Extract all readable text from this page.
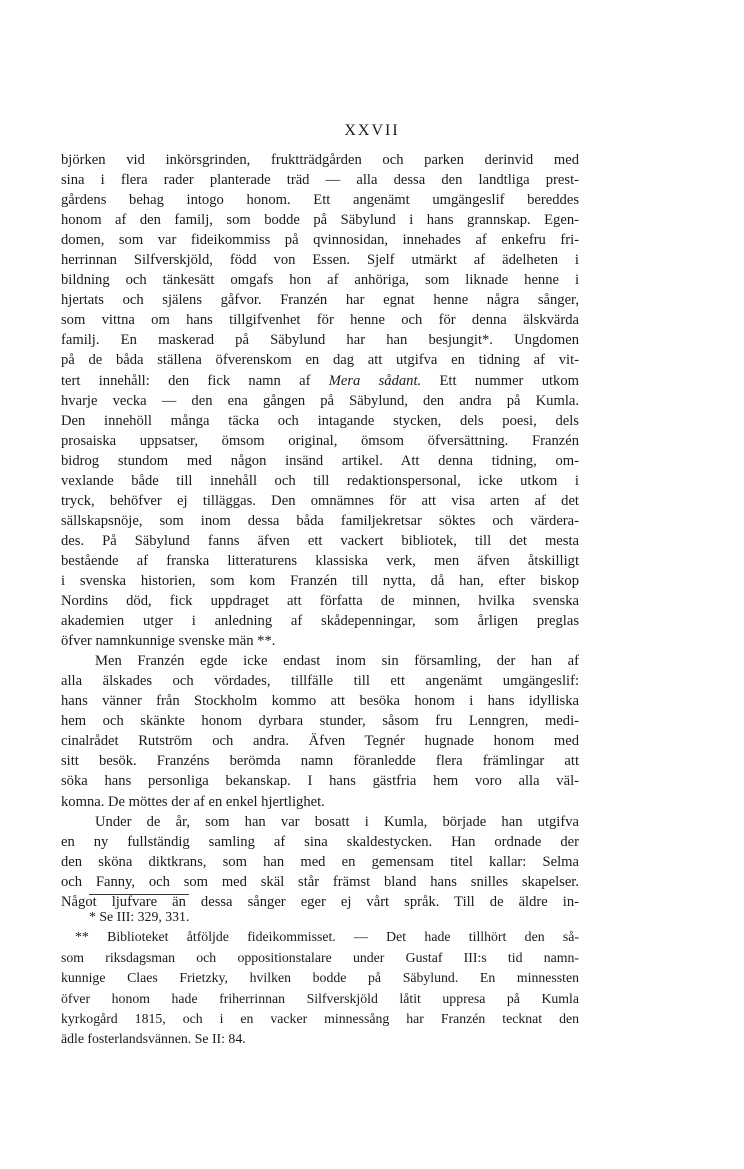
XXVII
björken vid inkörsgrinden, fruktträdgården och parken derinvid med
sina i flera rader planterade träd — alla dessa den landtliga prest-
gårdens behag intogo honom. Ett angenämt umgängeslif bereddes
honom af den familj, som bodde på Säbylund i hans grannskap. Egen-
domen, som var fideikommiss på qvinnosidan, innehades af enkefru fri-
herrinnan Silfverskjöld, född von Essen. Sjelf utmärkt af ädelheten i
bildning och tänkesätt omgafs hon af anhöriga, som liknade henne i
hjertats och själens gåfvor. Franzén har egnat henne några sånger,
som vittna om hans tillgifvenhet för henne och för denna älskvärda
familj. En maskerad på Säbylund har han besjungit*. Ungdomen
på de båda ställena öfverenskom en dag att utgifva en tidning af vit-
tert innehåll: den fick namn af Mera sådant. Ett nummer utkom
hvarje vecka — den ena gången på Säbylund, den andra på Kumla.
Den innehöll många täcka och intagande stycken, dels poesi, dels
prosaiska uppsatser, ömsom original, ömsom öfversättning. Franzén
bidrog stundom med någon insänd artikel. Att denna tidning, om-
vexlande både till innehåll och till redaktionspersonal, icke utkom i
tryck, behöfver ej tilläggas. Den omnämnes för att visa arten af det
sällskapsnöje, som inom dessa båda familjekretsar söktes och värdera-
des. På Säbylund fanns äfven ett vackert bibliotek, till det mesta
bestående af franska litteraturens klassiska verk, men äfven åtskilligt
i svenska historien, som kom Franzén till nytta, då han, efter biskop
Nordins död, fick uppdraget att författa de minnen, hvilka svenska
akademien utger i anledning af skådepenningar, som årligen preglas
öfver namnkunnige svenske män **.
Men Franzén egde icke endast inom sin församling, der han af
alla älskades och vördades, tillfälle till ett angenämt umgängeslif:
hans vänner från Stockholm kommo att besöka honom i hans idylliska
hem och skänkte honom dyrbara stunder, såsom fru Lenngren, medi-
cinalrådet Rutström och andra. Äfven Tegnér hugnade honom med
sitt besök. Franzéns berömda namn föranledde flera främlingar att
söka hans personliga bekanskap. I hans gästfria hem voro alla väl-
komna. De möttes der af en enkel hjertlighet.
Under de år, som han var bosatt i Kumla, började han utgifva
en ny fullständig samling af sina skaldestycken. Han ordnade der
den sköna diktkrans, som han med en gemensam titel kallar: Selma
och Fanny, och som med skäl står främst bland hans snilles skapelser.
Något ljufvare än dessa sånger eger ej vårt språk. Till de äldre in-
* Se III: 329, 331.
** Biblioteket åtföljde fideikommisset. — Det hade tillhört den så-
som riksdagsman och oppositionstalare under Gustaf III:s tid namn-
kunnige Claes Frietzky, hvilken bodde på Säbylund. En minnessten
öfver honom hade friherrinnan Silfverskjöld låtit uppresa på Kumla
kyrkogård 1815, och i en vacker minnessång har Franzén tecknat den
ädle fosterlandsvännen. Se II: 84.
